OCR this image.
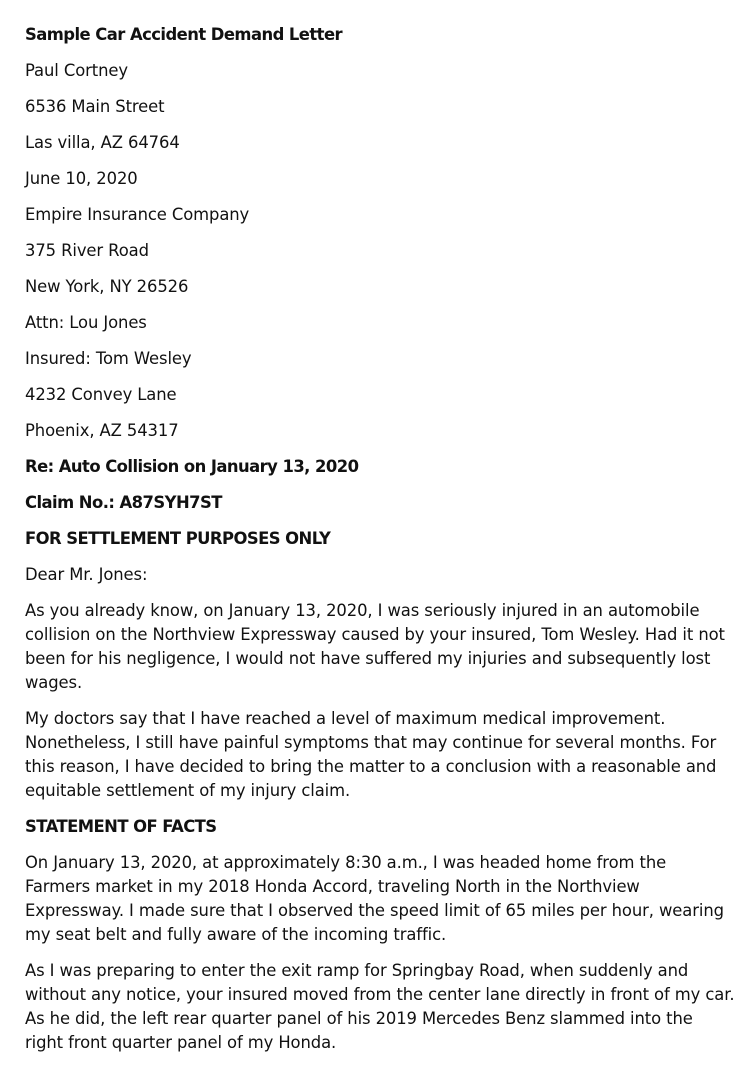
Sample Car Accident Demand Letter
Paul Cortney
6536 Main Street
Las villa, AZ 64764
June 10, 2020
Empire Insurance Company
375 River Road
New York, NY 26526
Attn: Lou Jones
Insured: Tom Wesley
4232 Convey Lane
Phoenix, AZ 54317
Re: Auto Collision on January 13, 2020
Claim No.: A87SYH7ST
FOR SETTLEMENT PURPOSES ONLY
Dear Mr. Jones:
As you already know, on January 13, 2020, I was seriously injured in an automobile
collision on the Northview Expressway caused by your insured, Tom Wesley. Had it not
been for his negligence, I would not have suffered my injuries and subsequently lost
wages.
My doctors say that I have reached a level of maximum medical improvement.
Nonetheless, I still have painful symptoms that may continue for several months. For
this reason, I have decided to bring the matter to a conclusion with a reasonable and
equitable settlement of my injury claim.
STATEMENT OF FACTS
On January 13, 2020, at approximately 8:30 a.m., I was headed home from the
Farmers market in my 2018 Honda Accord, traveling North in the Northview
Expressway. I made sure that I observed the speed limit of 65 miles per hour, wearing
my seat belt and fully aware of the incoming traffic.
As I was preparing to enter the exit ramp for Springbay Road, when suddenly and
without any notice, your insured moved from the center lane directly in front of my car.
As he did, the left rear quarter panel of his 2019 Mercedes Benz slammed into the
right front quarter panel of my Honda.
